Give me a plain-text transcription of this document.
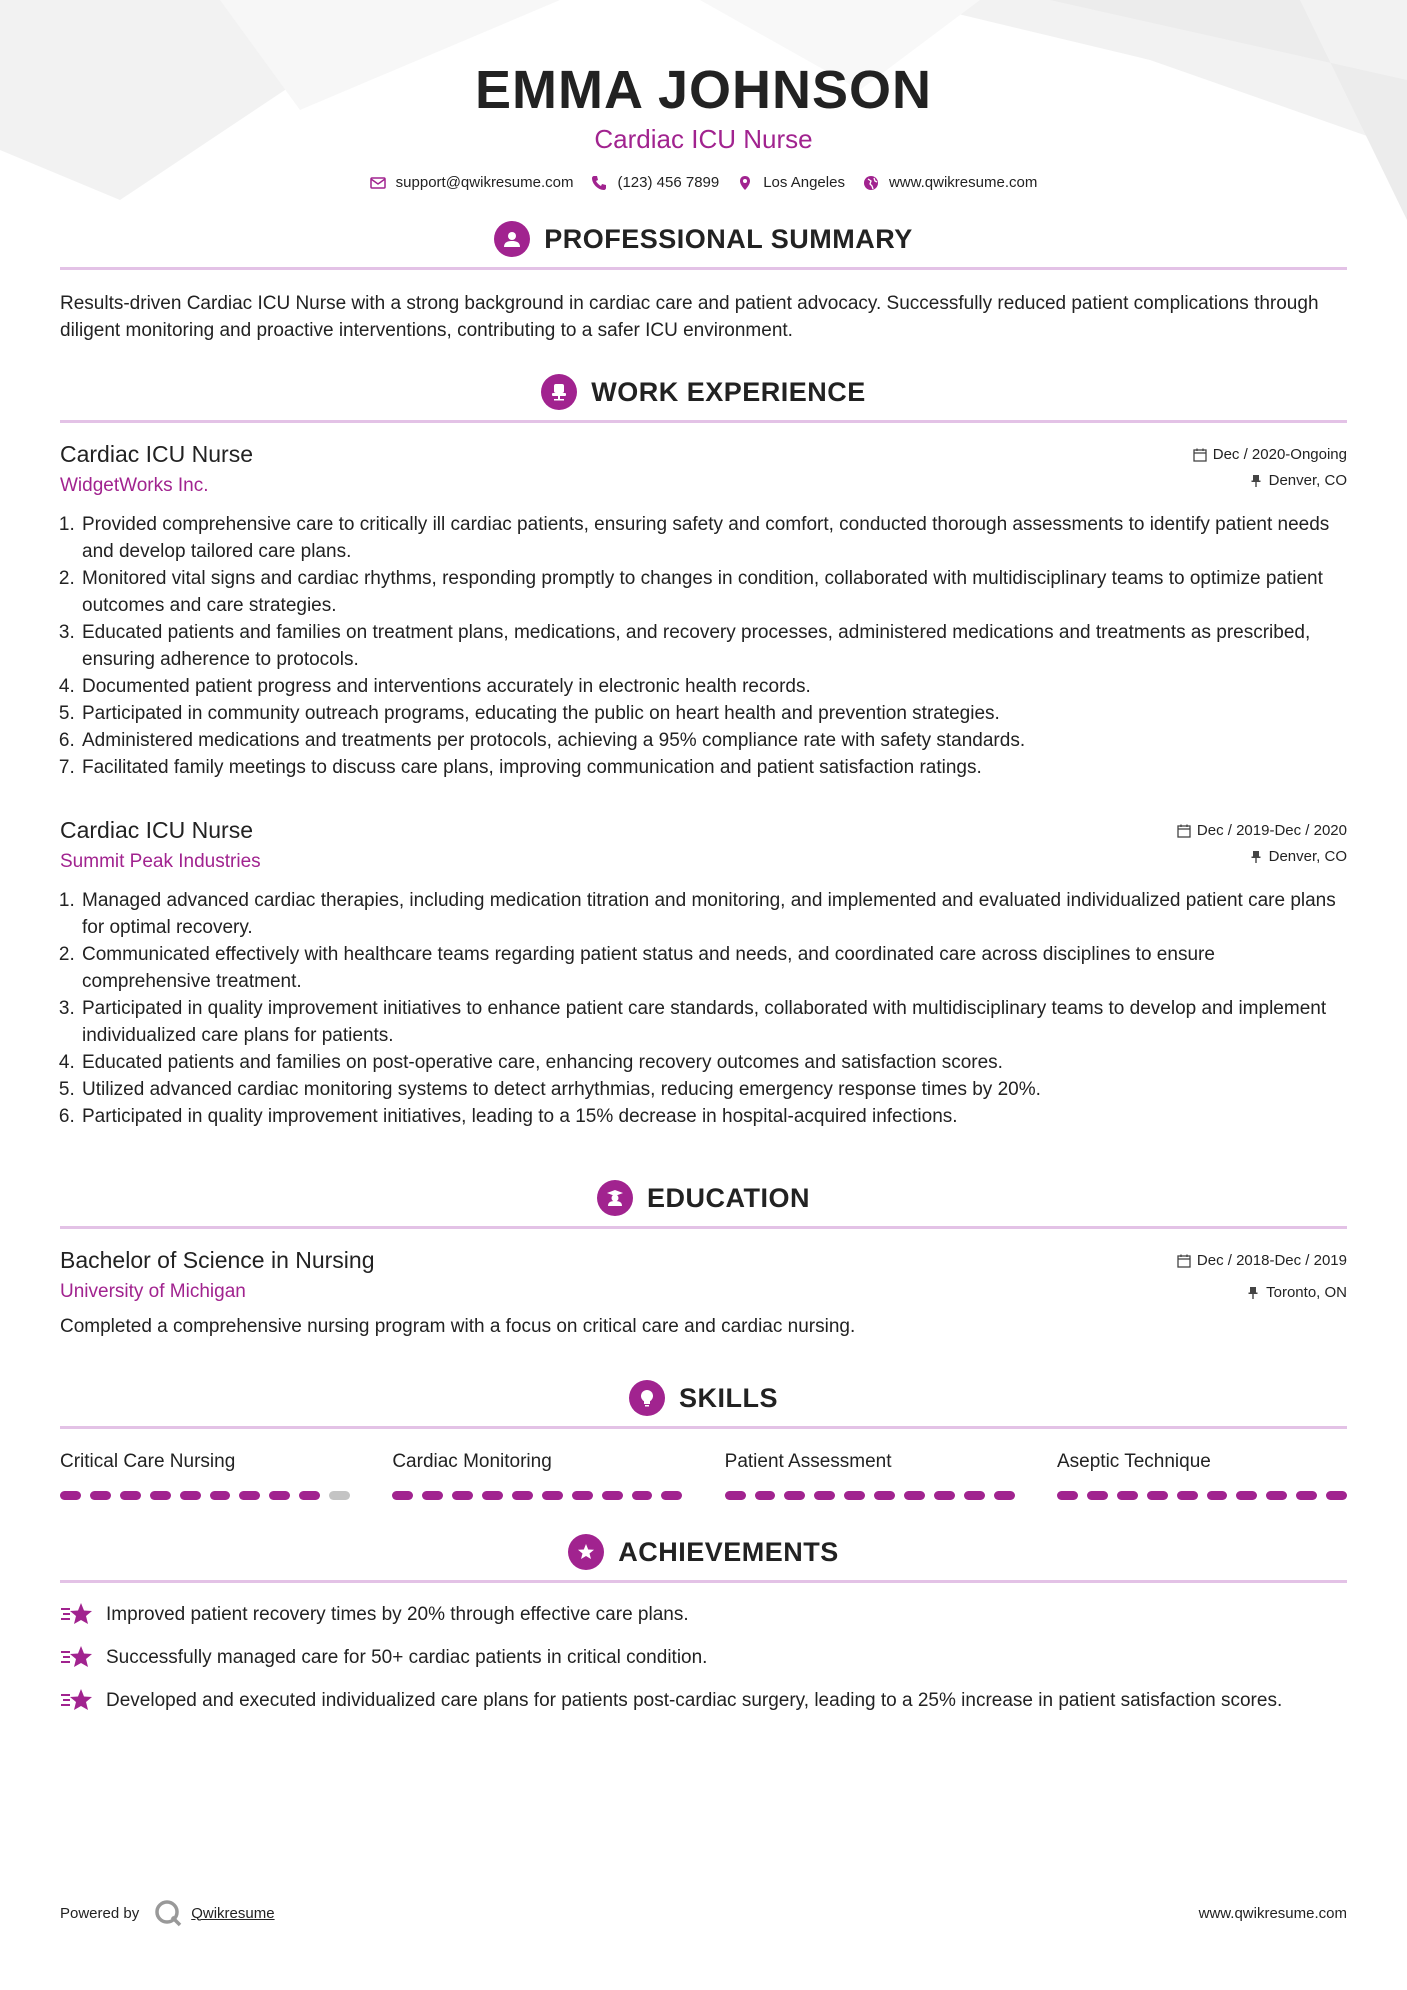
EMMA JOHNSON
Cardiac ICU Nurse
support@qwikresume.com	(123) 456 7899	Los Angeles	www.qwikresume.com
PROFESSIONAL SUMMARY

Results-driven Cardiac ICU Nurse with a strong background in cardiac care and patient advocacy. Successfully reduced patient complications through diligent monitoring and proactive interventions, contributing to a safer ICU environment.

WORK EXPERIENCE
Cardiac ICU Nurse
WidgetWorks Inc.
Dec / 2020-Ongoing
Denver, CO
1. Provided comprehensive care to critically ill cardiac patients, ensuring safety and comfort, conducted thorough assessments to identify patient needs and develop tailored care plans.
2. Monitored vital signs and cardiac rhythms, responding promptly to changes in condition, collaborated with multidisciplinary teams to optimize patient outcomes and care strategies.
3. Educated patients and families on treatment plans, medications, and recovery processes, administered medications and treatments as prescribed, ensuring adherence to protocols.
4. Documented patient progress and interventions accurately in electronic health records.
5. Participated in community outreach programs, educating the public on heart health and prevention strategies.
6. Administered medications and treatments per protocols, achieving a 95% compliance rate with safety standards.
7. Facilitated family meetings to discuss care plans, improving communication and patient satisfaction ratings.
Cardiac ICU Nurse
Summit Peak Industries
Dec / 2019-Dec / 2020
Denver, CO
1. Managed advanced cardiac therapies, including medication titration and monitoring, and implemented and evaluated individualized patient care plans for optimal recovery.
2. Communicated effectively with healthcare teams regarding patient status and needs, and coordinated care across disciplines to ensure comprehensive treatment.
3. Participated in quality improvement initiatives to enhance patient care standards, collaborated with multidisciplinary teams to develop and implement individualized care plans for patients.
4. Educated patients and families on post-operative care, enhancing recovery outcomes and satisfaction scores.
5. Utilized advanced cardiac monitoring systems to detect arrhythmias, reducing emergency response times by 20%.
6. Participated in quality improvement initiatives, leading to a 15% decrease in hospital-acquired infections.
EDUCATION
Bachelor of Science in Nursing
University of Michigan
Dec / 2018-Dec / 2019
Toronto, ON

Completed a comprehensive nursing program with a focus on critical care and cardiac nursing.

SKILLS
Critical Care Nursing	Cardiac Monitoring	Patient Assessment	Aseptic Technique
ACHIEVEMENTS
Improved patient recovery times by 20% through effective care plans.
Successfully managed care for 50+ cardiac patients in critical condition.
Developed and executed individualized care plans for patients post-cardiac surgery, leading to a 25% increase in patient satisfaction scores.
Powered by	Qwikresume	www.qwikresume.com
